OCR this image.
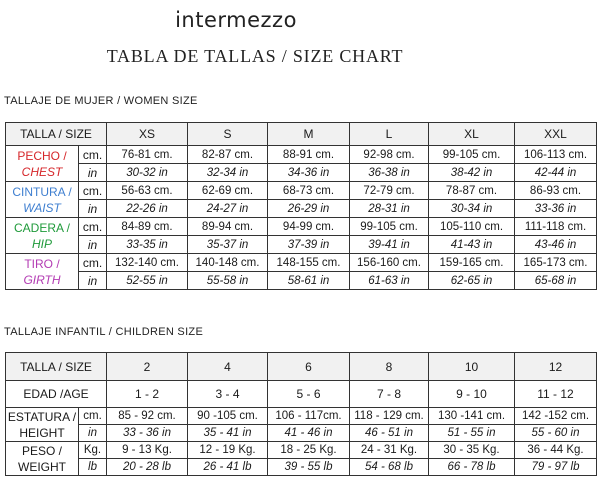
intermezzo
TABLA DE TALLAS / SIZE CHART
TALLAJE DE MUJER / WOMEN SIZE
TALLA / SIZE		XS	S	M	L	XL	XXL

PECHO /
CHEST	cm.	76-81 cm.	82-87 cm.	88-91 cm.	92-98 cm.	99-105 cm.	106-113 cm.
	in	30-32 in	32-34 in	34-36 in	36-38 in	38-42 in	42-44 in

CINTURA /
WAIST	cm.	56-63 cm.	62-69 cm.	68-73 cm.	72-79 cm.	78-87 cm.	86-93 cm.
	in	22-26 in	24-27 in	26-29 in	28-31 in	30-34 in	33-36 in

CADERA /
HIP	cm.	84-89 cm.	89-94 cm.	94-99 cm.	99-105 cm.	105-110 cm.	111-118 cm.
	in	33-35 in	35-37 in	37-39 in	39-41 in	41-43 in	43-46 in

TIRO /
GIRTH	cm.	132-140 cm.	140-148 cm.	148-155 cm.	156-160 cm.	159-165 cm.	165-173 cm.
	in	52-55 in	55-58 in	58-61 in	61-63 in	62-65 in	65-68 in
TALLAJE INFANTIL / CHILDREN SIZE
TALLA / SIZE		2	4	6	8	10	12
EDAD /AGE		1 - 2	3 - 4	5 - 6	7 - 8	9 - 10	11 - 12

ESTATURA /
HEIGHT	cm.	85 - 92 cm.	90 -105 cm.	106 - 117cm.	118 - 129 cm.	130 -141 cm.	142 -152 cm.
	in	33 - 36 in	35 - 41 in	41 - 46 in	46 - 51 in	51 - 55 in	55 - 60 in

PESO /
WEIGHT	Kg.	9 - 13 Kg.	12 - 19 Kg.	18 - 25 Kg.	24 - 31 Kg.	30 - 35 Kg.	36 - 44 Kg.
	lb	20 - 28 lb	26 - 41 lb	39 - 55 lb	54 - 68 lb	66 - 78 lb	79 - 97 lb
